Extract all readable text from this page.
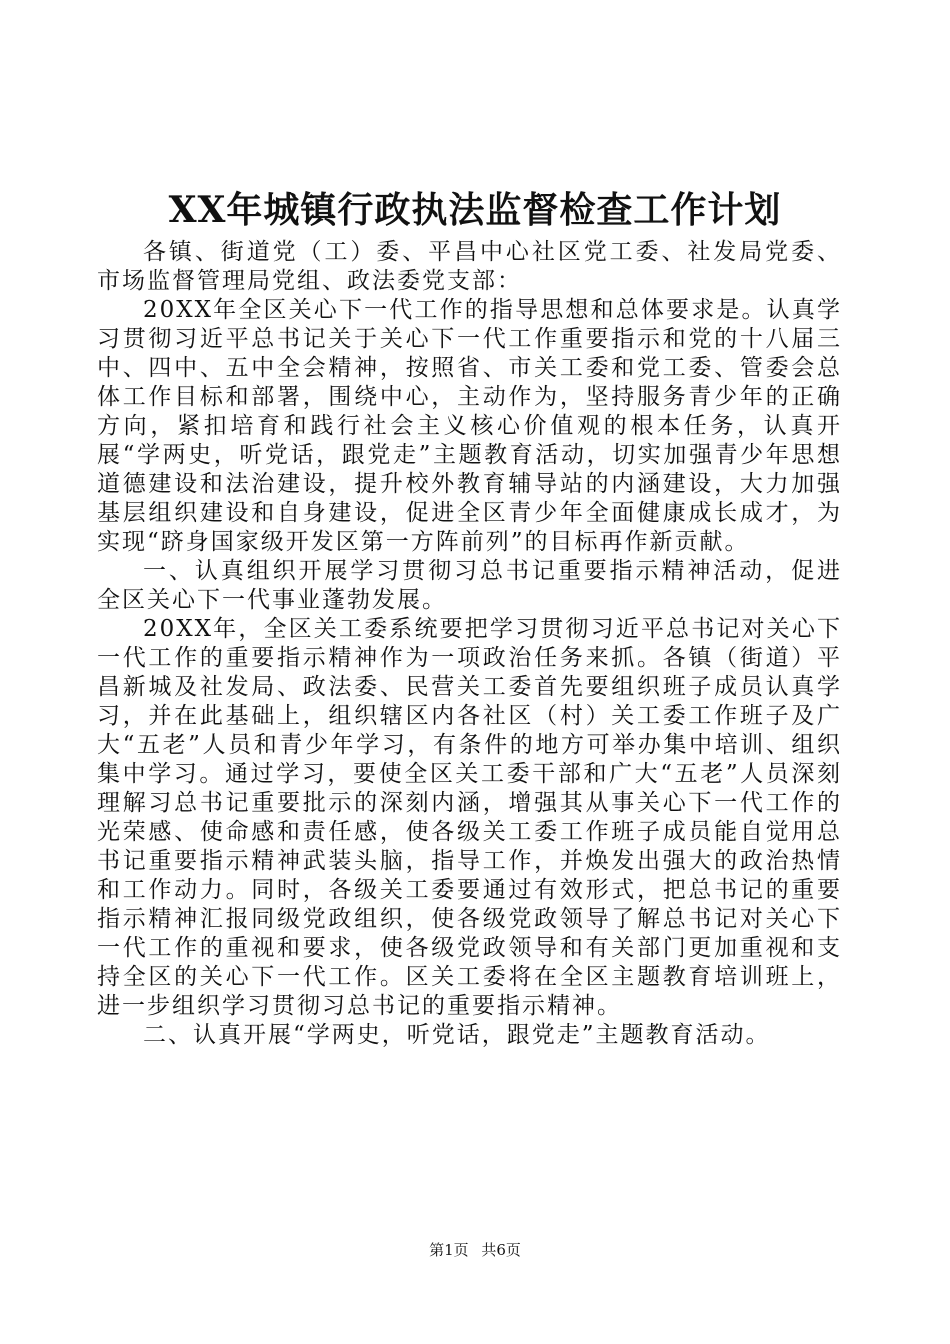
XX年城镇行政执法监督检查工作计划

各镇、街道党（工）委、平昌中心社区党工委、社发局党委、市场监督管理局党组、政法委党支部：

20XX年全区关心下一代工作的指导思想和总体要求是。认真学习贯彻习近平总书记关于关心下一代工作重要指示和党的十八届三中、四中、五中全会精神，按照省、市关工委和党工委、管委会总体工作目标和部署，围绕中心，主动作为，坚持服务青少年的正确方向，紧扣培育和践行社会主义核心价值观的根本任务，认真开展“学两史，听党话，跟党走”主题教育活动，切实加强青少年思想道德建设和法治建设，提升校外教育辅导站的内涵建设，大力加强基层组织建设和自身建设，促进全区青少年全面健康成长成才，为实现“跻身国家级开发区第一方阵前列”的目标再作新贡献。

一、认真组织开展学习贯彻习总书记重要指示精神活动，促进全区关心下一代事业蓬勃发展。

20XX年，全区关工委系统要把学习贯彻习近平总书记对关心下一代工作的重要指示精神作为一项政治任务来抓。各镇（街道）平昌新城及社发局、政法委、民营关工委首先要组织班子成员认真学习，并在此基础上，组织辖区内各社区（村）关工委工作班子及广大“五老”人员和青少年学习，有条件的地方可举办集中培训、组织集中学习。通过学习，要使全区关工委干部和广大“五老”人员深刻理解习总书记重要批示的深刻内涵，增强其从事关心下一代工作的光荣感、使命感和责任感，使各级关工委工作班子成员能自觉用总书记重要指示精神武装头脑，指导工作，并焕发出强大的政治热情和工作动力。同时，各级关工委要通过有效形式，把总书记的重要指示精神汇报同级党政组织，使各级党政领导了解总书记对关心下一代工作的重视和要求，使各级党政领导和有关部门更加重视和支持全区的关心下一代工作。区关工委将在全区主题教育培训班上，进一步组织学习贯彻习总书记的重要指示精神。

二、认真开展“学两史，听党话，跟党走”主题教育活动。

第1页 共6页
